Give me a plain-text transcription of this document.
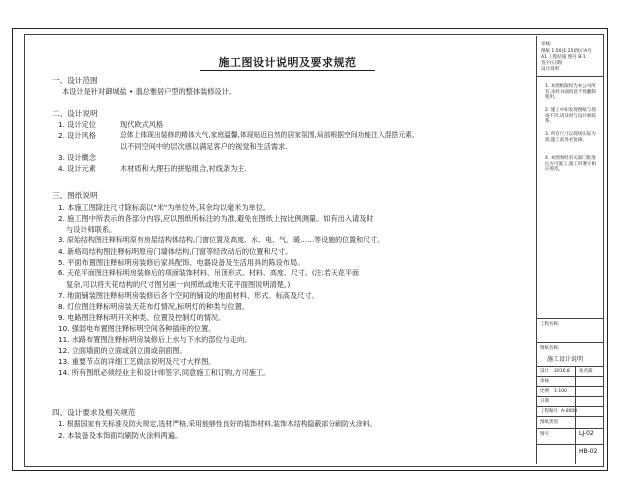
施工图设计说明及要求规范
一、设计范围
本设计是针对御城盐 • 翡总雅居户型的整体装修设计。
二、设计说明
1. 设计定位	现代欧式风格
2. 设计风格	总体上体现出装修的精体大气,家庭温馨,体现贴近自然的居家氛围,局部根据空间功能注入混搭元素,
以不同空间中的层次感以满足客户的视觉和生活需求.
3. 设计概念
4. 设计元素	木材质和大理石的拼贴组合,衬线条为主.
三、图纸说明
1. 本施工图除注尺寸除标高以"米"为单位外,其余均以毫米为单位。
2. 施工图中所表示的各部分内容,应以图纸所标注的为准,避免在图纸上按比例测量。如有出入请及时
与设计师联系。
3. 原始结构图注释标明原有房屋结构体结构,门窗位置及高度、水、电、气、暖……等设施的位置和尺寸。
4. 新格局结构图注释标明原房门墙体结构,门窗等经改动后的位置和尺寸。
5. 平面布置图注释标明房装修后家具配饰、电器设备及生活用具的陈设布局。
6. 天花平面图注释标明房装修后的项面装饰材料、吊顶形式、材料、高度、尺寸。(注:若天花平面
复杂,可以将天花结构的尺寸图另画一向照纸或地天花平面图说明清楚。)
7. 地面铺装图注释标明房装修后各个空间的铺设的地面材料、形式、标高及尺寸。
8. 灯位图注释标明房装天花布灯情况,标明灯的种类与位置。
9. 电路图注释标明开关种类、位置及控制灯的情况。
10. 强弱电布置图注释标明空间各种插座的位置。
11. 水路布置图注释标明房装修后上水与下水的部位与走向。
12. 立面墙面的立面或剖立面或剖面图。
13. 重要节点的详细工艺做法说明及尺寸大样图。
14. 所有图纸必须经业主和设计师签字,同意施工和订购,方可施工。
四、设计要求及相关规范
1. 根据国家有关标准及防火规定,选材严格,采用能够性良好的装饰材料,装饰木结构隐蔽部分刷防火涂料。
2. 本装备及本饰面均刷防火涂料两遍。
审核:
图纸 1:50(1:25)图示A号
A1 工程结施 图号 B·1
签字(日期)
设计说明
1. 本图纸版权为本公司所有,未经书面同意不得翻制使用。
2. 施工中如发现图纸与现场不符,请及时与设计师联系。
3. 所有尺寸以现场实际为准,施工前务必复核。
4. 本图须经有关部门批准后方可施工,施工时遵守相应规范。
工程名称:
图纸名称:
施工设计说明
设计 2016.8 张君霖
审核
比例 1:100
日期
工程编号 A-0008
图纸类别
图号	LJ-02
HB-02
